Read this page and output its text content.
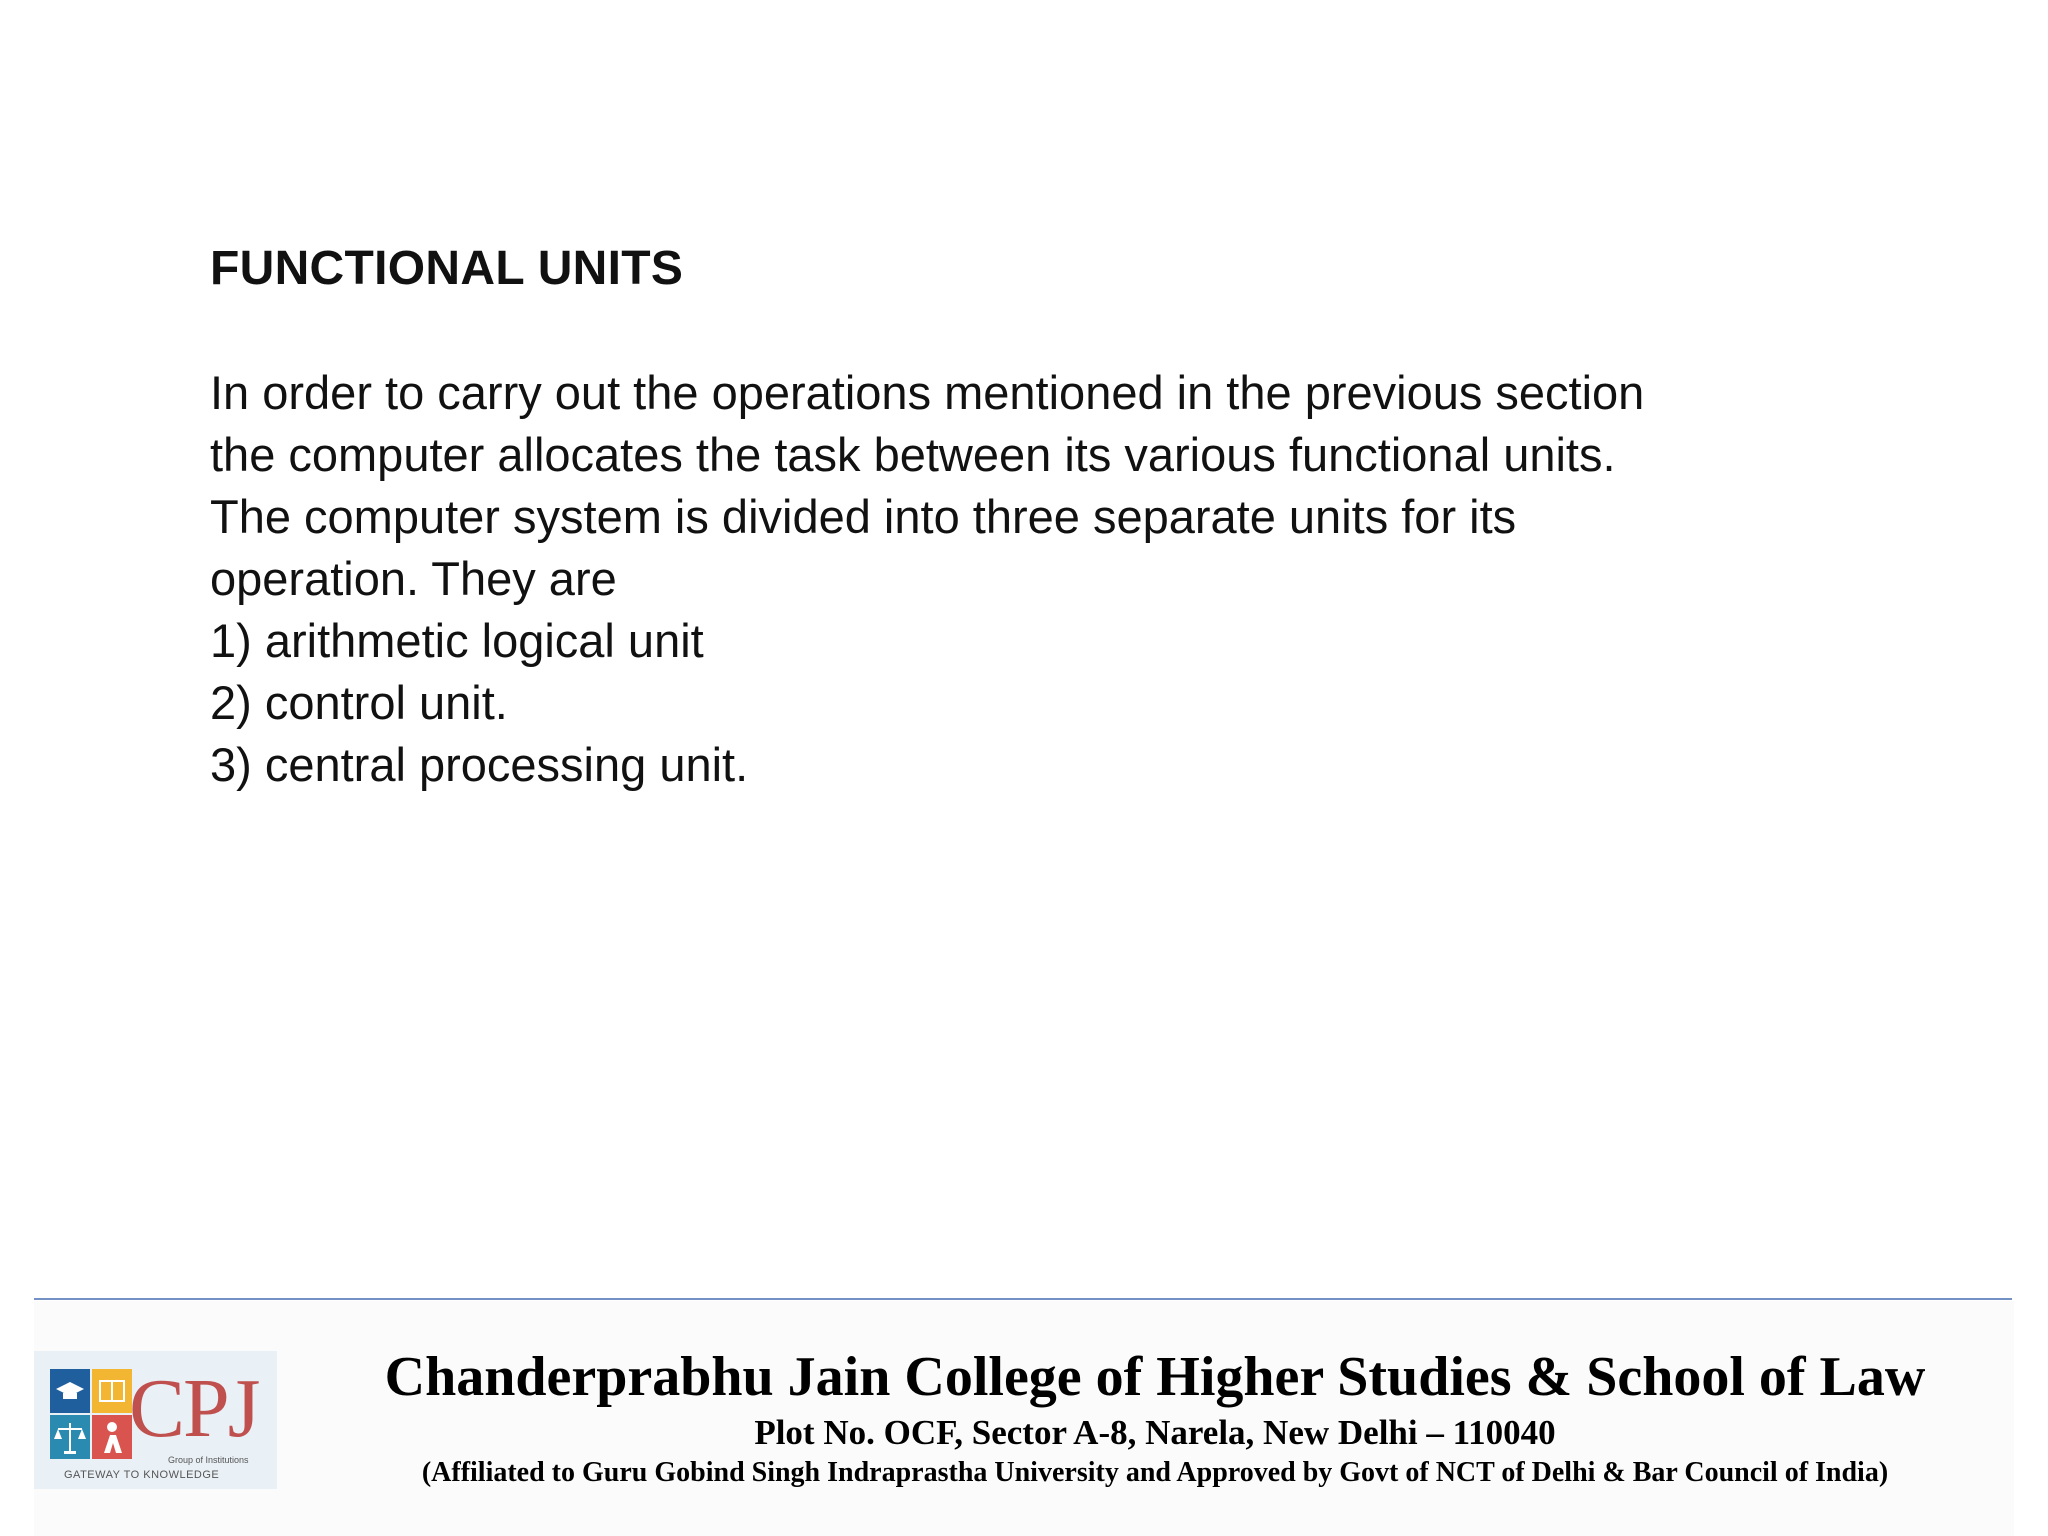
FUNCTIONAL UNITS
In order to carry out the operations mentioned in the previous section
the computer allocates the task between its various functional units.
The computer system is divided into three separate units for its
operation. They are
1) arithmetic logical unit
2) control unit.
3) central processing unit.
CPJ
Group of Institutions
GATEWAY TO KNOWLEDGE
Chanderprabhu Jain College of Higher Studies & School of Law
Plot No. OCF, Sector A-8, Narela, New Delhi – 110040
(Affiliated to Guru Gobind Singh Indraprastha University and Approved by Govt of NCT of Delhi & Bar Council of India)
